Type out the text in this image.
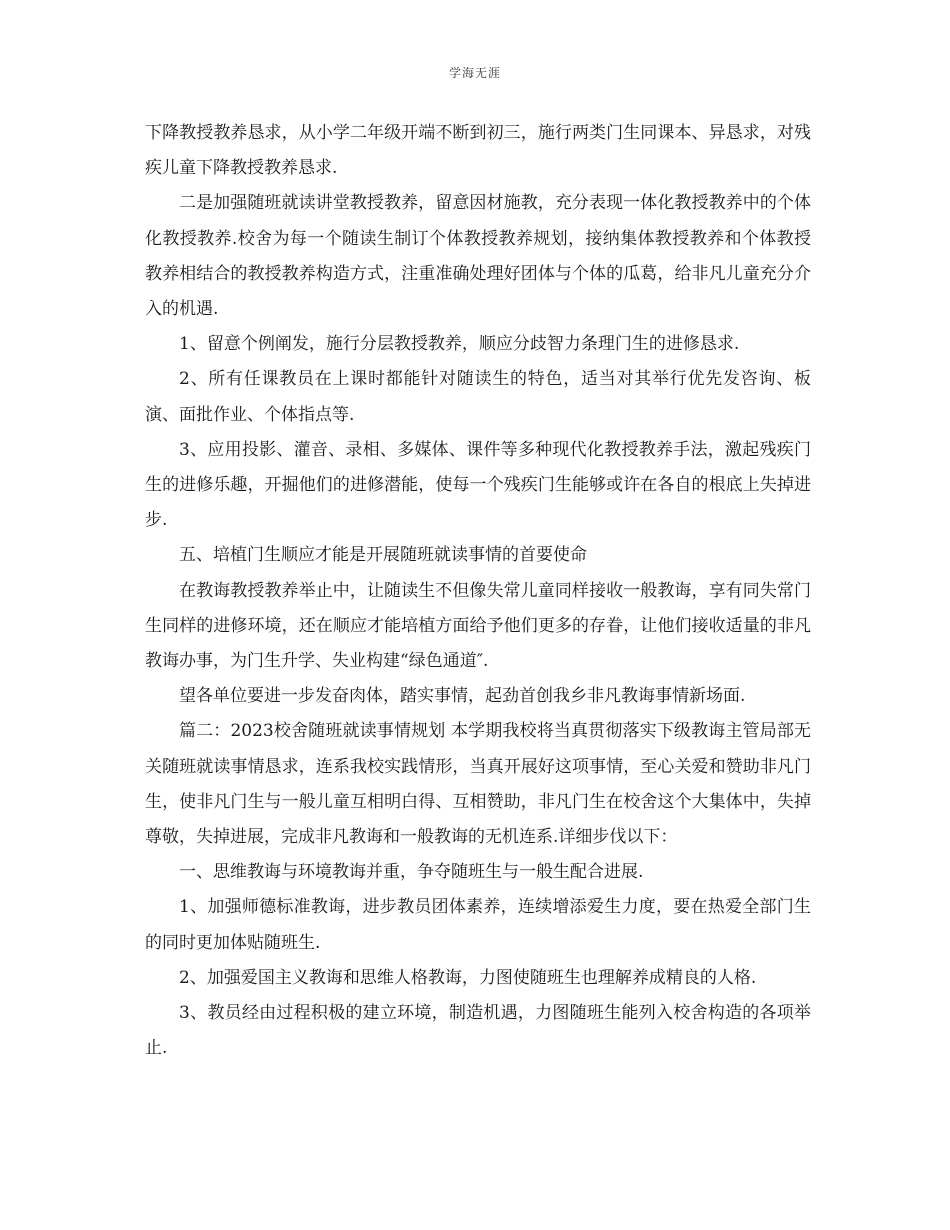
学海无涯

下降教授教养恳求，从小学二年级开端不断到初三，施行两类门生同课本、异恳求，对残疾儿童下降教授教养恳求.

二是加强随班就读讲堂教授教养，留意因材施教，充分表现一体化教授教养中的个体化教授教养.校舍为每一个随读生制订个体教授教养规划，接纳集体教授教养和个体教授教养相结合的教授教养构造方式，注重准确处理好团体与个体的瓜葛，给非凡儿童充分介入的机遇.

1、留意个例阐发，施行分层教授教养，顺应分歧智力条理门生的进修恳求.

2、所有任课教员在上课时都能针对随读生的特色，适当对其举行优先发咨询、板演、面批作业、个体指点等.

3、应用投影、灌音、录相、多媒体、课件等多种现代化教授教养手法，激起残疾门生的进修乐趣，开掘他们的进修潜能，使每一个残疾门生能够或许在各自的根底上失掉进步.

五、培植门生顺应才能是开展随班就读事情的首要使命

在教诲教授教养举止中，让随读生不但像失常儿童同样接收一般教诲，享有同失常门生同样的进修环境，还在顺应才能培植方面给予他们更多的存眷，让他们接收适量的非凡教诲办事，为门生升学、失业构建“绿色通道″.

望各单位要进一步发奋肉体，踏实事情，起劲首创我乡非凡教诲事情新场面.

篇二：2023校舍随班就读事情规划 本学期我校将当真贯彻落实下级教诲主管局部无关随班就读事情恳求，连系我校实践情形，当真开展好这项事情，至心关爱和赞助非凡门生，使非凡门生与一般儿童互相明白得、互相赞助，非凡门生在校舍这个大集体中，失掉尊敬，失掉进展，完成非凡教诲和一般教诲的无机连系.详细步伐以下：

一、思维教诲与环境教诲并重，争夺随班生与一般生配合进展.

1、加强师德标准教诲，进步教员团体素养，连续增添爱生力度，要在热爱全部门生的同时更加体贴随班生.

2、加强爱国主义教诲和思维人格教诲，力图使随班生也理解养成精良的人格.

3、教员经由过程积极的建立环境，制造机遇，力图随班生能列入校舍构造的各项举止.
